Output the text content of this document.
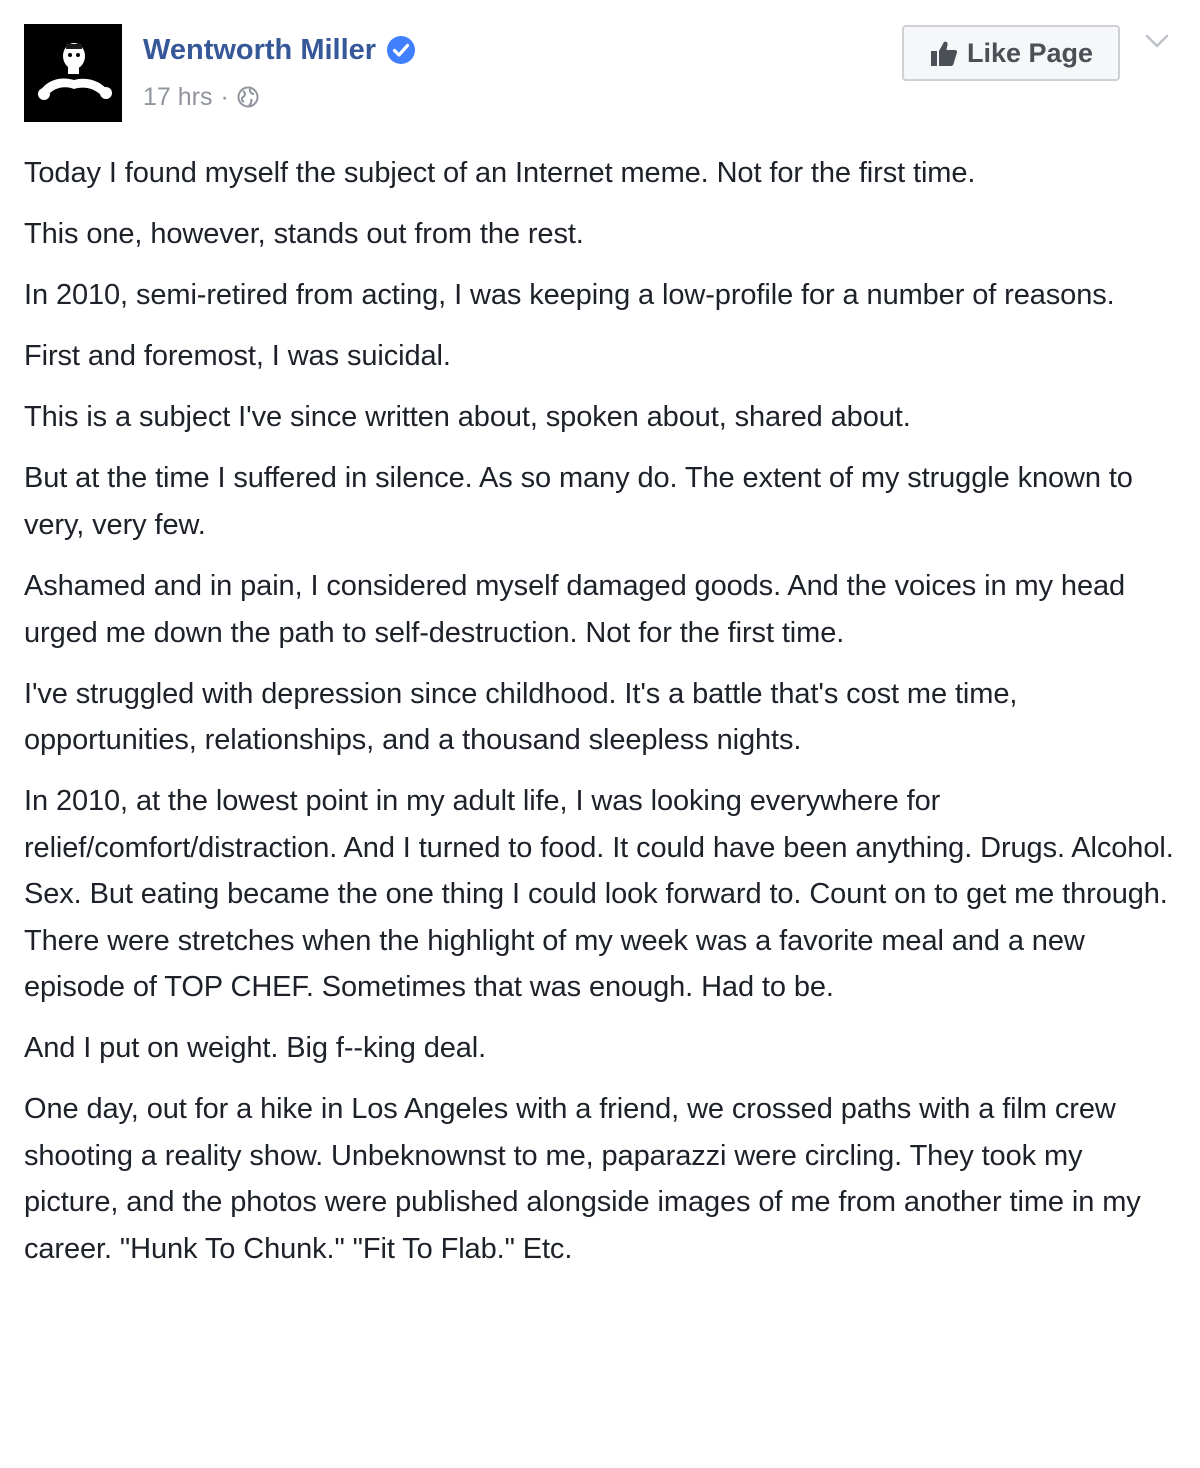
Wentworth Miller
17 hrs ·
Like Page

Today I found myself the subject of an Internet meme. Not for the first time.

This one, however, stands out from the rest.

In 2010, semi-retired from acting, I was keeping a low-profile for a number of reasons.

First and foremost, I was suicidal.

This is a subject I've since written about, spoken about, shared about.

But at the time I suffered in silence. As so many do. The extent of my struggle known to very, very few.

Ashamed and in pain, I considered myself damaged goods. And the voices in my head urged me down the path to self-destruction. Not for the first time.

I've struggled with depression since childhood. It's a battle that's cost me time, opportunities, relationships, and a thousand sleepless nights.

In 2010, at the lowest point in my adult life, I was looking everywhere for relief/comfort/distraction. And I turned to food. It could have been anything. Drugs. Alcohol. Sex. But eating became the one thing I could look forward to. Count on to get me through. There were stretches when the highlight of my week was a favorite meal and a new episode of TOP CHEF. Sometimes that was enough. Had to be.

And I put on weight. Big f--king deal.

One day, out for a hike in Los Angeles with a friend, we crossed paths with a film crew shooting a reality show. Unbeknownst to me, paparazzi were circling. They took my picture, and the photos were published alongside images of me from another time in my career. "Hunk To Chunk." "Fit To Flab." Etc.
